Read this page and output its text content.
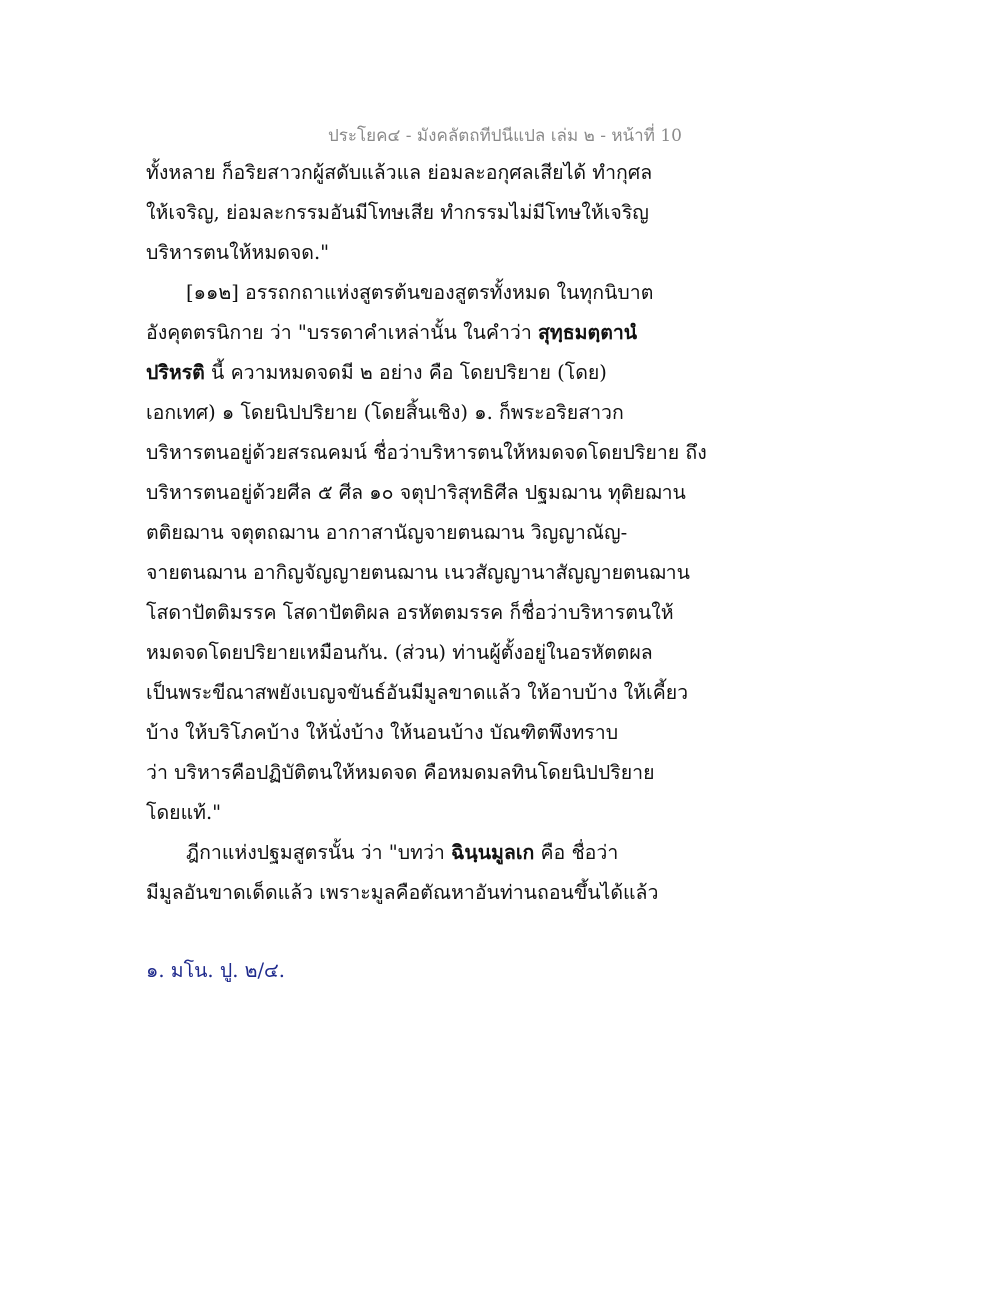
ประโยค๔ - มังคลัตถทีปนีแปล เล่ม ๒ - หน้าที่ 10
ทั้งหลาย ก็อริยสาวกผู้สดับแล้วแล ย่อมละอกุศลเสียได้ ทำกุศล
ให้เจริญ, ย่อมละกรรมอันมีโทษเสีย ทำกรรมไม่มีโทษให้เจริญ
บริหารตนให้หมดจด."
[๑๑๒] อรรถกถาแห่งสูตรต้นของสูตรทั้งหมด ในทุกนิบาต
อังคุตตรนิกาย ว่า "บรรดาคำเหล่านั้น ในคำว่า สุทฺธมตฺตานํ
ปริหรติ นี้ ความหมดจดมี ๒ อย่าง คือ โดยปริยาย (โดย)
เอกเทศ) ๑ โดยนิปปริยาย (โดยสิ้นเชิง) ๑. ก็พระอริยสาวก
บริหารตนอยู่ด้วยสรณคมน์ ชื่อว่าบริหารตนให้หมดจดโดยปริยาย ถึง
บริหารตนอยู่ด้วยศีล ๕ ศีล ๑๐ จตุปาริสุทธิศีล ปฐมฌาน ทุติยฌาน
ตติยฌาน จตุตถฌาน อากาสานัญจายตนฌาน วิญญาณัญ-
จายตนฌาน อากิญจัญญายตนฌาน เนวสัญญานาสัญญายตนฌาน
โสดาปัตติมรรค โสดาปัตติผล อรหัตตมรรค ก็ชื่อว่าบริหารตนให้
หมดจดโดยปริยายเหมือนกัน. (ส่วน) ท่านผู้ตั้งอยู่ในอรหัตตผล
เป็นพระขีณาสพยังเบญจขันธ์อันมีมูลขาดแล้ว ให้อาบบ้าง ให้เคี้ยว
บ้าง ให้บริโภคบ้าง ให้นั่งบ้าง ให้นอนบ้าง บัณฑิตพึงทราบ
ว่า บริหารคือปฏิบัติตนให้หมดจด คือหมดมลทินโดยนิปปริยาย
โดยแท้."
ฎีกาแห่งปฐมสูตรนั้น ว่า "บทว่า ฉินฺนมูลเก คือ ชื่อว่า
มีมูลอันขาดเด็ดแล้ว เพราะมูลคือตัณหาอันท่านถอนขึ้นได้แล้ว
๑. มโน. ปู. ๒/๔.
